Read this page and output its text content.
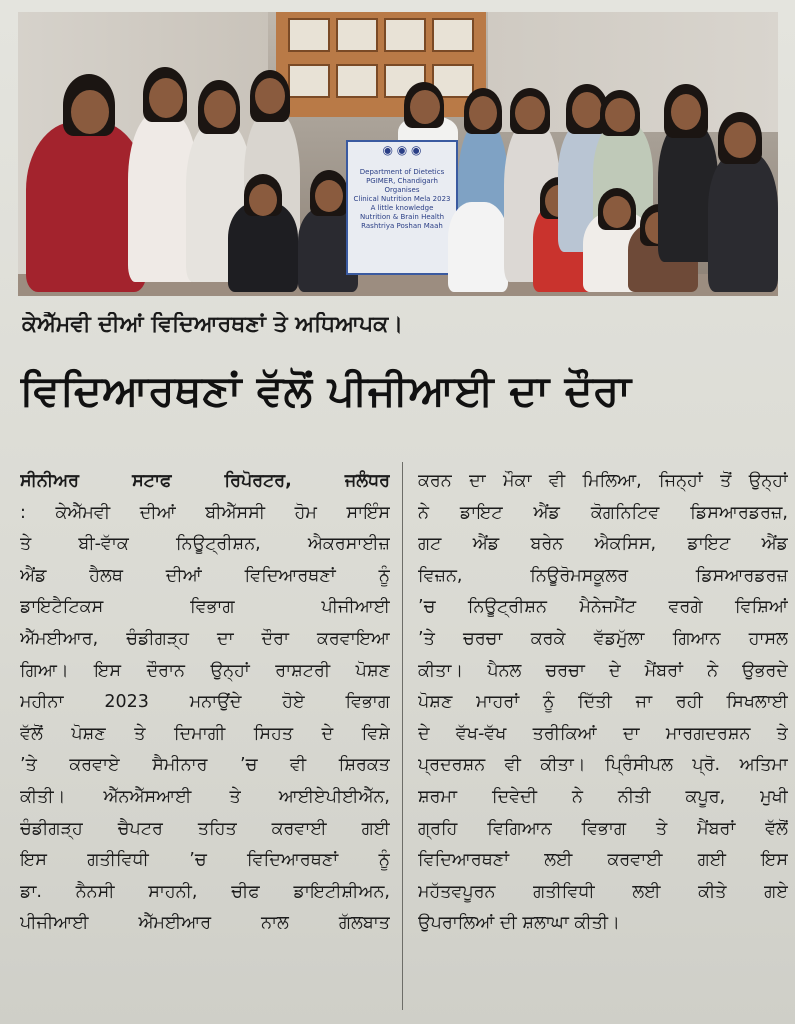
◉ ◉ ◉
Department of Dietetics
PGIMER, Chandigarh
Organises
Clinical Nutrition Mela 2023
A little knowledge
Nutrition & Brain Health
Rashtriya Poshan Maah
ਕੇਐੱਮਵੀ ਦੀਆਂ ਵਿਦਿਆਰਥਣਾਂ ਤੇ ਅਧਿਆਪਕ।
ਵਿਦਿਆਰਥਣਾਂ ਵੱਲੋਂ ਪੀਜੀਆਈ ਦਾ ਦੌਰਾ
ਸੀਨੀਅਰ ਸਟਾਫ ਰਿਪੋਰਟਰ, ਜਲੰਧਰ
: ਕੇਐੱਮਵੀ ਦੀਆਂ ਬੀਐੱਸਸੀ ਹੋਮ ਸਾਇੰਸ
ਤੇ ਬੀ-ਵਾੱਕ ਨਿਊਟ੍ਰੀਸ਼ਨ, ਐਕਰਸਾਈਜ਼
ਐਂਡ ਹੈਲਥ ਦੀਆਂ ਵਿਦਿਆਰਥਣਾਂ ਨੂੰ
ਡਾਇਟੈਟਿਕਸ ਵਿਭਾਗ ਪੀਜੀਆਈ
ਐੱਮਈਆਰ, ਚੰਡੀਗੜ੍ਹ ਦਾ ਦੌਰਾ ਕਰਵਾਇਆ
ਗਿਆ। ਇਸ ਦੌਰਾਨ ਉਨ੍ਹਾਂ ਰਾਸ਼ਟਰੀ ਪੋਸ਼ਣ
ਮਹੀਨਾ 2023 ਮਨਾਉਂਦੇ ਹੋਏ ਵਿਭਾਗ
ਵੱਲੋਂ ਪੋਸ਼ਣ ਤੇ ਦਿਮਾਗੀ ਸਿਹਤ ਦੇ ਵਿਸ਼ੇ
’ਤੇ ਕਰਵਾਏ ਸੈਮੀਨਾਰ ’ਚ ਵੀ ਸ਼ਿਰਕਤ
ਕੀਤੀ। ਐੱਨਐੱਸਆਈ ਤੇ ਆਈਏਪੀਈਐੱਨ,
ਚੰਡੀਗੜ੍ਹ ਚੈਪਟਰ ਤਹਿਤ ਕਰਵਾਈ ਗਈ
ਇਸ ਗਤੀਵਿਧੀ ’ਚ ਵਿਦਿਆਰਥਣਾਂ ਨੂੰ
ਡਾ. ਨੈਨਸੀ ਸਾਹਨੀ, ਚੀਫ ਡਾਇਟੀਸ਼ੀਅਨ,
ਪੀਜੀਆਈ ਐੱਮਈਆਰ ਨਾਲ ਗੱਲਬਾਤ
ਕਰਨ ਦਾ ਮੌਕਾ ਵੀ ਮਿਲਿਆ, ਜਿਨ੍ਹਾਂ ਤੋਂ ਉਨ੍ਹਾਂ
ਨੇ ਡਾਇਟ ਐਂਡ ਕੋਗਨਿਟਿਵ ਡਿਸਆਰਡਰਜ਼,
ਗਟ ਐਂਡ ਬਰੇਨ ਐਕਸਿਸ, ਡਾਇਟ ਐਂਡ
ਵਿਜ਼ਨ, ਨਿਊਰੋਮਸਕੂਲਰ ਡਿਸਆਰਡਰਜ਼
’ਚ ਨਿਊਟ੍ਰੀਸ਼ਨ ਮੈਨੇਜਮੈਂਟ ਵਰਗੇ ਵਿਸ਼ਿਆਂ
’ਤੇ ਚਰਚਾ ਕਰਕੇ ਵੱਡਮੁੱਲਾ ਗਿਆਨ ਹਾਸਲ
ਕੀਤਾ। ਪੈਨਲ ਚਰਚਾ ਦੇ ਮੈਂਬਰਾਂ ਨੇ ਉਭਰਦੇ
ਪੋਸ਼ਣ ਮਾਹਰਾਂ ਨੂੰ ਦਿੱਤੀ ਜਾ ਰਹੀ ਸਿਖਲਾਈ
ਦੇ ਵੱਖ-ਵੱਖ ਤਰੀਕਿਆਂ ਦਾ ਮਾਰਗਦਰਸ਼ਨ ਤੇ
ਪ੍ਰਦਰਸ਼ਨ ਵੀ ਕੀਤਾ। ਪ੍ਰਿੰਸੀਪਲ ਪ੍ਰੋ. ਅਤਿਮਾ
ਸ਼ਰਮਾ ਦਿਵੇਦੀ ਨੇ ਨੀਤੀ ਕਪੂਰ, ਮੁਖੀ
ਗ੍ਰਹਿ ਵਿਗਿਆਨ ਵਿਭਾਗ ਤੇ ਮੈਂਬਰਾਂ ਵੱਲੋਂ
ਵਿਦਿਆਰਥਣਾਂ ਲਈ ਕਰਵਾਈ ਗਈ ਇਸ
ਮਹੱਤਵਪੂਰਨ ਗਤੀਵਿਧੀ ਲਈ ਕੀਤੇ ਗਏ
ਉਪਰਾਲਿਆਂ ਦੀ ਸ਼ਲਾਘਾ ਕੀਤੀ।
